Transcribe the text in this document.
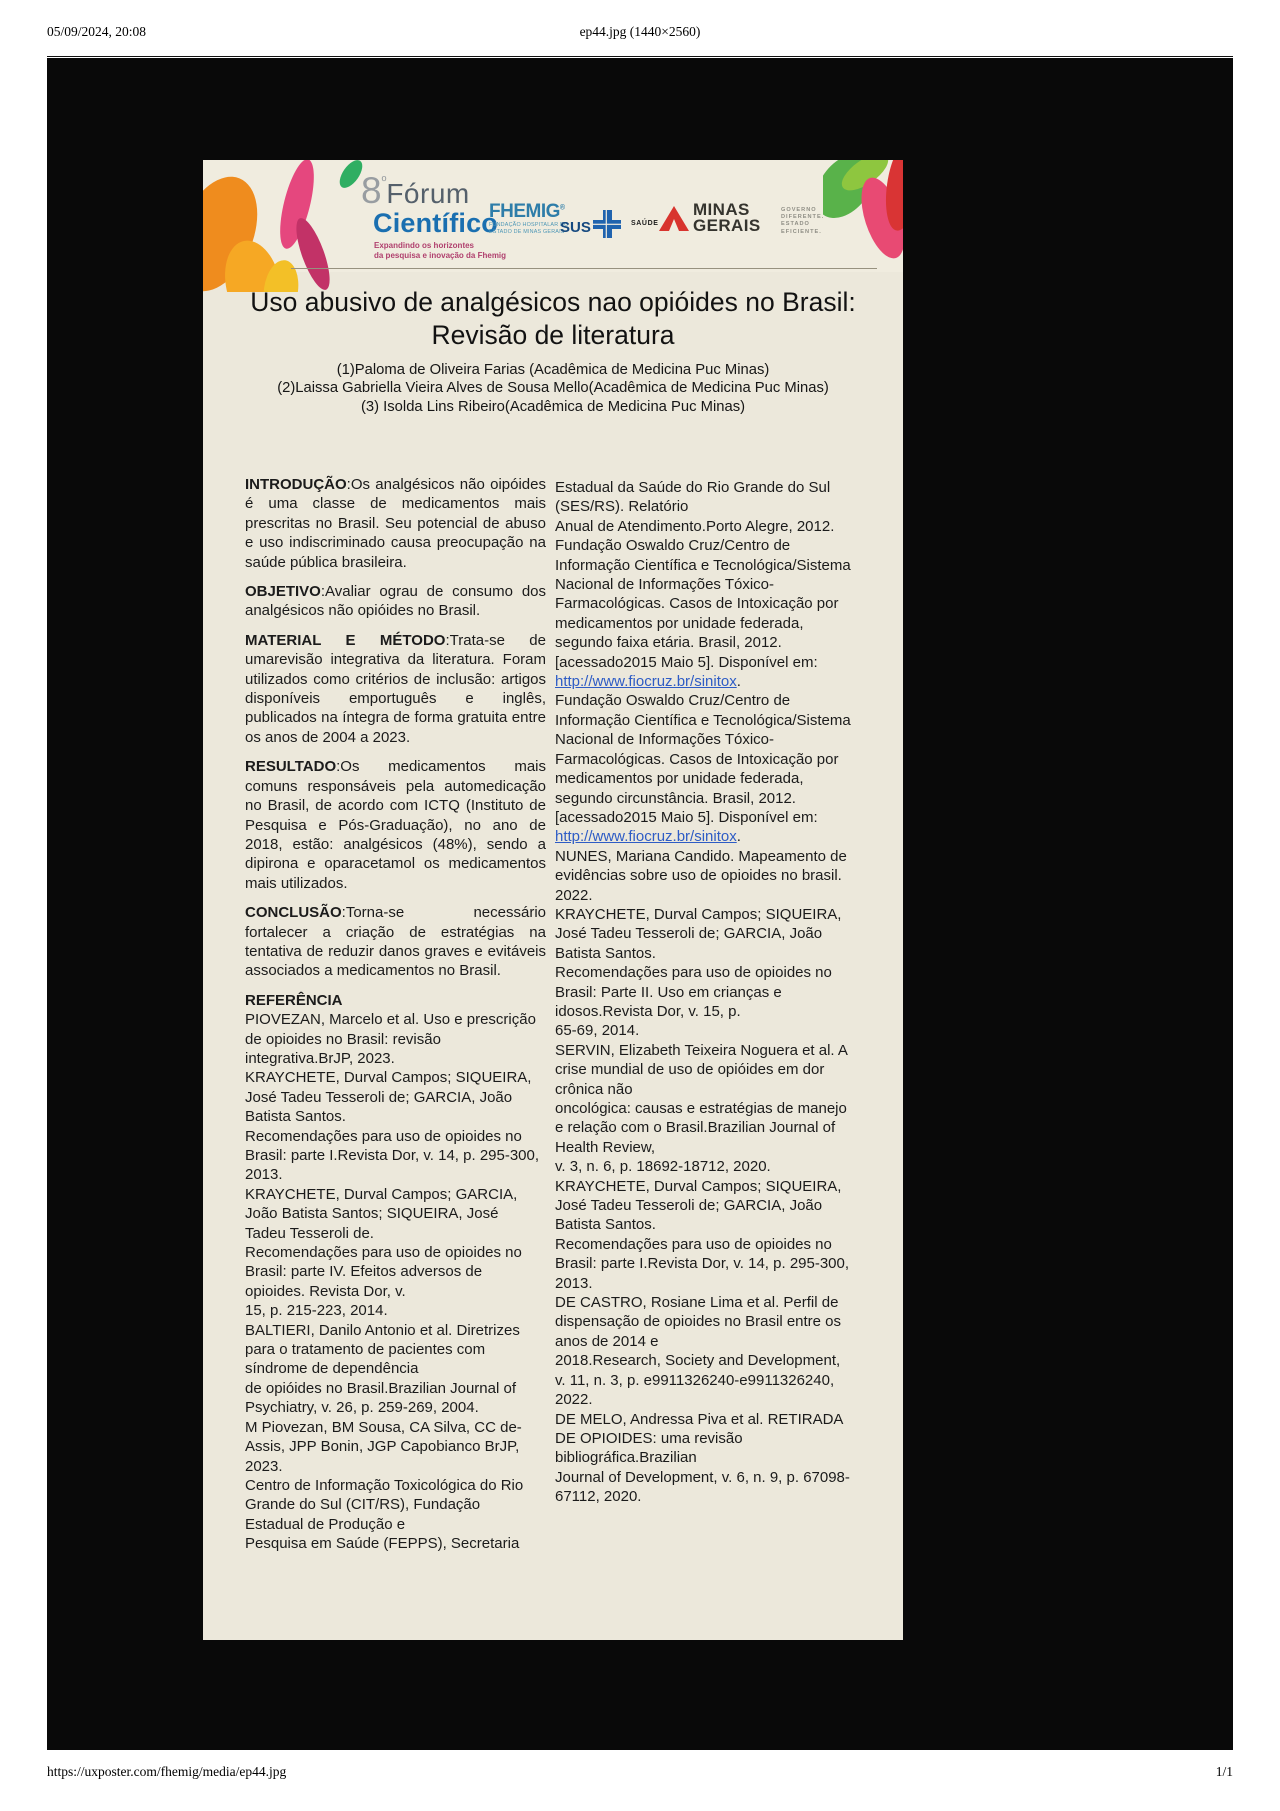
05/09/2024, 20:08	ep44.jpg (1440×2560)
$8^ºFórum$
Científico
Expandindo os horizontes
da pesquisa e inovação da Fhemig
FHEMIG®
FUNDAÇÃO HOSPITALAR DO
ESTADO DE MINAS GERAIS
SUS	SAÚDE
MINAS
GERAIS
GOVERNO
DIFERENTE.
ESTADO
EFICIENTE.
Uso abusivo de analgésicos nao opióides no Brasil:
Revisão de literatura
(1)Paloma de Oliveira Farias (Acadêmica de Medicina Puc Minas)
(2)Laissa Gabriella Vieira Alves de Sousa Mello(Acadêmica de Medicina Puc Minas)
(3) Isolda Lins Ribeiro(Acadêmica de Medicina Puc Minas)

INTRODUÇÃO:Os analgésicos não oipóides é uma classe de medicamentos mais prescritas no Brasil. Seu potencial de abuso e uso indiscriminado causa preocupação na saúde pública brasileira.

OBJETIVO:Avaliar ograu de consumo dos analgésicos não opióides no Brasil.

MATERIAL E MÉTODO:Trata-se de umarevisão integrativa da literatura. Foram utilizados como critérios de inclusão: artigos disponíveis emportuguês e inglês, publicados na íntegra de forma gratuita entre os anos de 2004 a 2023.

RESULTADO:Os medicamentos mais comuns responsáveis pela automedicação no Brasil, de acordo com ICTQ (Instituto de Pesquisa e Pós-Graduação), no ano de 2018, estão: analgésicos (48%), sendo a dipirona e oparacetamol os medicamentos mais utilizados.

CONCLUSÃO:Torna-se necessário fortalecer a criação de estratégias na tentativa de reduzir danos graves e evitáveis associados a medicamentos no Brasil.

REFERÊNCIA

PIOVEZAN, Marcelo et al. Uso e prescrição
de opioides no Brasil: revisão
integrativa.BrJP, 2023.
KRAYCHETE, Durval Campos; SIQUEIRA,
José Tadeu Tesseroli de; GARCIA, João
Batista Santos.
Recomendações para uso de opioides no
Brasil: parte I.Revista Dor, v. 14, p. 295-300,
2013.
KRAYCHETE, Durval Campos; GARCIA,
João Batista Santos; SIQUEIRA, José
Tadeu Tesseroli de.
Recomendações para uso de opioides no
Brasil: parte IV. Efeitos adversos de
opioides. Revista Dor, v.
15, p. 215-223, 2014.
BALTIERI, Danilo Antonio et al. Diretrizes
para o tratamento de pacientes com
síndrome de dependência
de opióides no Brasil.Brazilian Journal of
Psychiatry, v. 26, p. 259-269, 2004.
M Piovezan, BM Sousa, CA Silva, CC de-
Assis, JPP Bonin, JGP Capobianco BrJP,
2023.
Centro de Informação Toxicológica do Rio
Grande do Sul (CIT/RS), Fundação
Estadual de Produção e
Pesquisa em Saúde (FEPPS), Secretaria
Estadual da Saúde do Rio Grande do Sul
(SES/RS). Relatório
Anual de Atendimento.Porto Alegre, 2012.
Fundação Oswaldo Cruz/Centro de
Informação Científica e Tecnológica/Sistema
Nacional de Informações Tóxico-
Farmacológicas. Casos de Intoxicação por
medicamentos por unidade federada,
segundo faixa etária. Brasil, 2012.
[acessado2015 Maio 5]. Disponível em:
http://www.fiocruz.br/sinitox.
Fundação Oswaldo Cruz/Centro de
Informação Científica e Tecnológica/Sistema
Nacional de Informações Tóxico-
Farmacológicas. Casos de Intoxicação por
medicamentos por unidade federada,
segundo circunstância. Brasil, 2012.
[acessado2015 Maio 5]. Disponível em:
http://www.fiocruz.br/sinitox.
NUNES, Mariana Candido. Mapeamento de
evidências sobre uso de opioides no brasil.
2022.
KRAYCHETE, Durval Campos; SIQUEIRA,
José Tadeu Tesseroli de; GARCIA, João
Batista Santos.
Recomendações para uso de opioides no
Brasil: Parte II. Uso em crianças e
idosos.Revista Dor, v. 15, p.
65-69, 2014.
SERVIN, Elizabeth Teixeira Noguera et al. A
crise mundial de uso de opióides em dor
crônica não
oncológica: causas e estratégias de manejo
e relação com o Brasil.Brazilian Journal of
Health Review,
v. 3, n. 6, p. 18692-18712, 2020.
KRAYCHETE, Durval Campos; SIQUEIRA,
José Tadeu Tesseroli de; GARCIA, João
Batista Santos.
Recomendações para uso de opioides no
Brasil: parte I.Revista Dor, v. 14, p. 295-300,
2013.
DE CASTRO, Rosiane Lima et al. Perfil de
dispensação de opioides no Brasil entre os
anos de 2014 e
2018.Research, Society and Development,
v. 11, n. 3, p. e9911326240-e9911326240,
2022.
DE MELO, Andressa Piva et al. RETIRADA
DE OPIOIDES: uma revisão
bibliográfica.Brazilian
Journal of Development, v. 6, n. 9, p. 67098-
67112, 2020.
https://uxposter.com/fhemig/media/ep44.jpg	1/1
